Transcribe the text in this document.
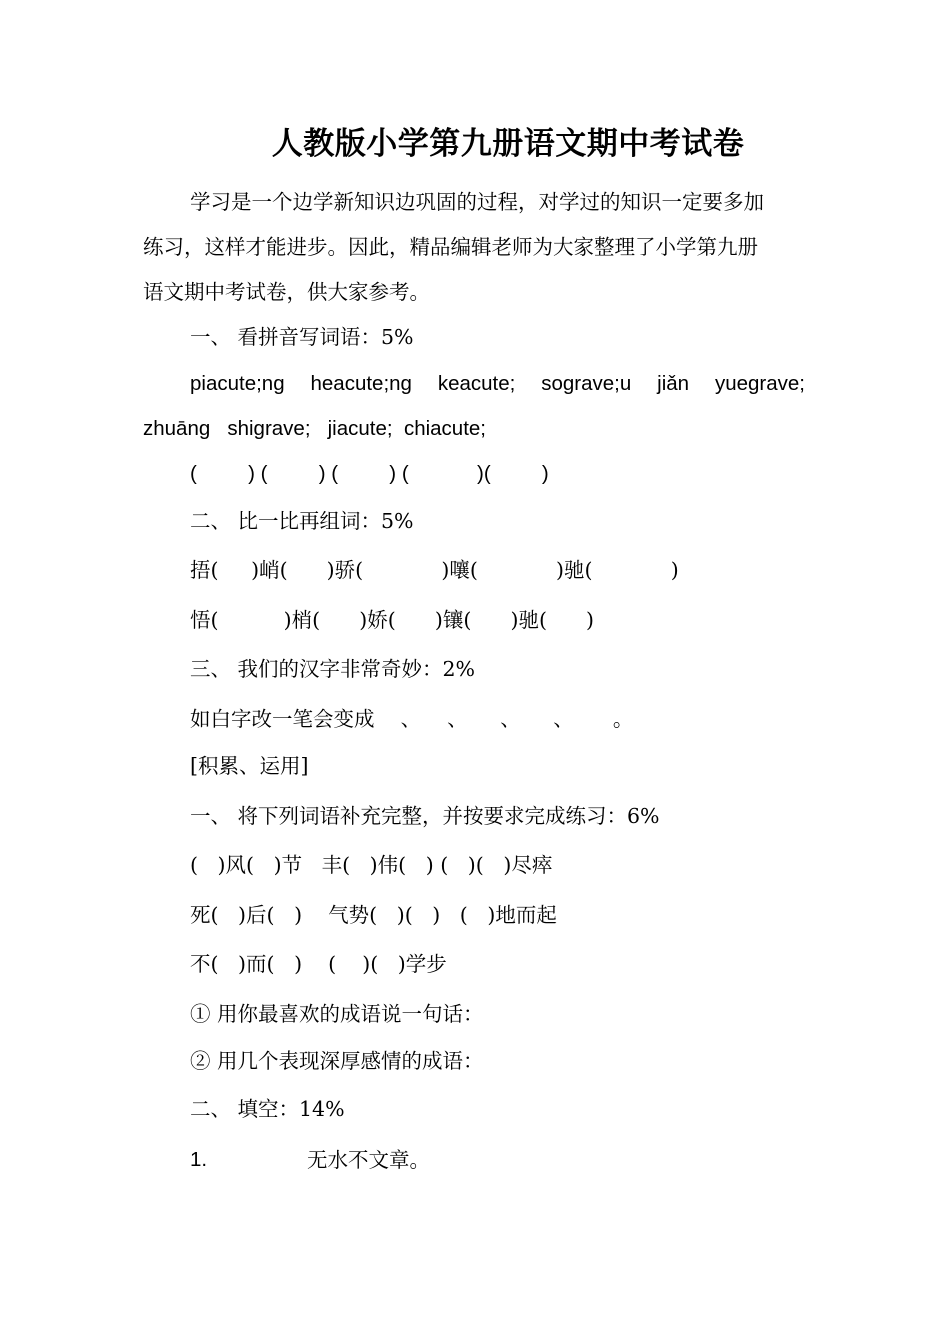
人教版小学第九册语文期中考试卷
学习是一个边学新知识边巩固的过程，对学过的知识一定要多加
练习，这样才能进步。因此，精品编辑老师为大家整理了小学第九册
语文期中考试卷，供大家参考。
一、 看拼音写词语：5%
piacute;ng heacute;ng keacute; sograve;u jiǎn yuegrave;
zhuāng   shigrave;   jiacute;  chiacute;
(         ) (         ) (         ) (            )(         )
二、 比一比再组词：5%
捂(     )峭(      )骄(            )嚷(            )驰(            )
悟(          )梢(      )娇(      )镶(      )驰(      )
三、 我们的汉字非常奇妙：2%
如白字改一笔会变成    、    、     、     、      。
[积累、运用]
一、 将下列词语补充完整，并按要求完成练习：6%
(   )风(   )节   丰(   )伟(   ) (   )(   )尽瘁
死(   )后(   )    气势(   )(   )   (   )地而起
不(   )而(   )    (    )(   )学步
① 用你最喜欢的成语说一句话：
② 用几个表现深厚感情的成语：
二、 填空：14%
1.	无水不文章。
